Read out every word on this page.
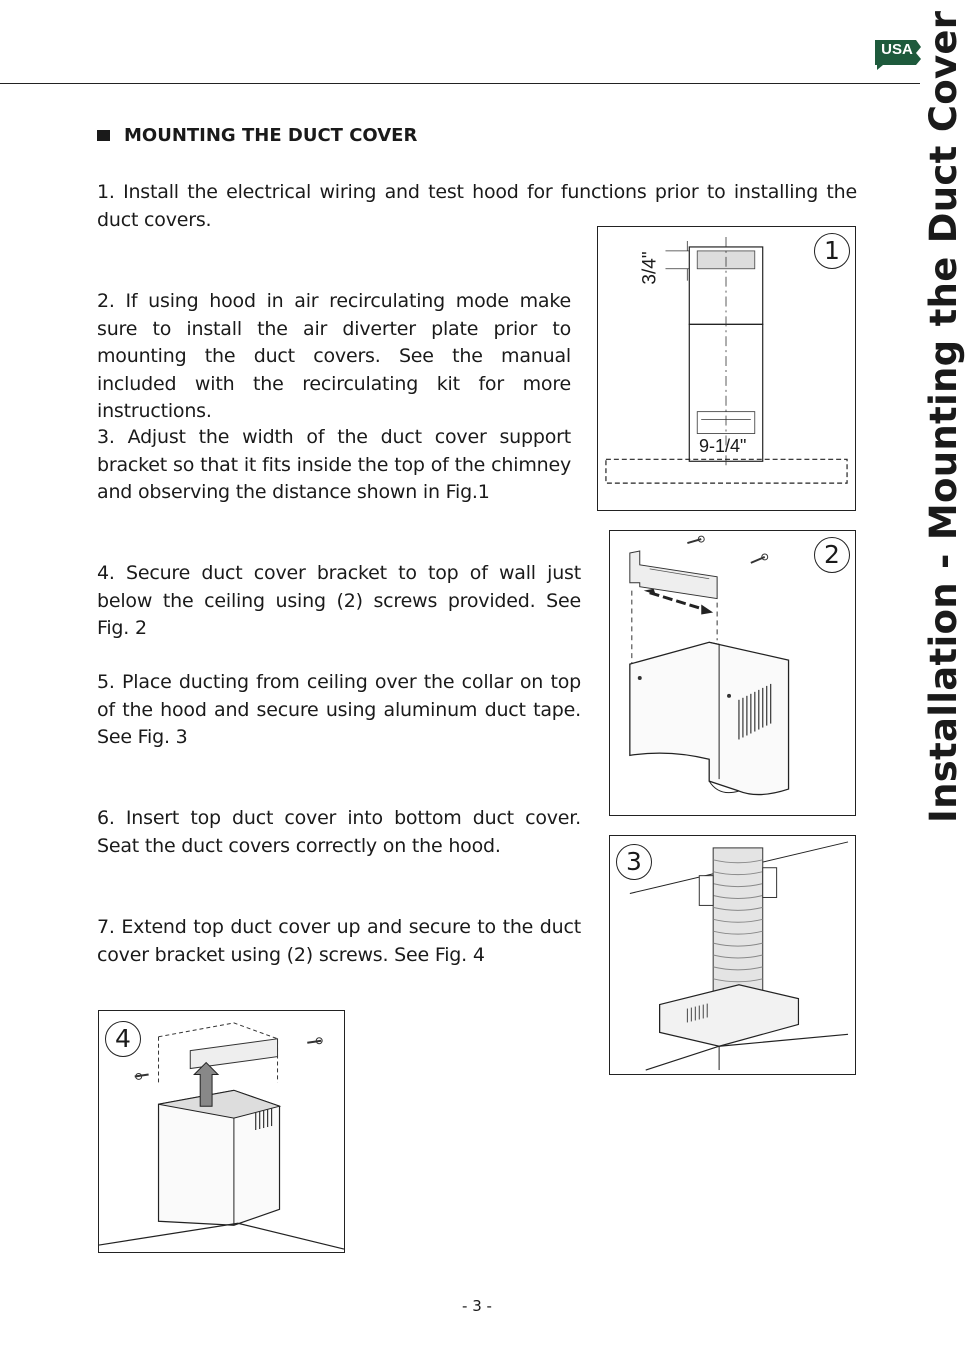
USA Installation - Mounting the Duct Cover
MOUNTING THE DUCT COVER
1. Install the electrical wiring and test hood for functions prior to installing the duct covers.
2. If using hood in air recirculating mode make sure to install the air diverter plate prior to mounting the duct covers. See the manual included with the recirculating kit for more instructions.
3. Adjust the width of the duct cover support bracket so that it fits inside the top of the chimney and observing the distance shown in Fig.1
4. Secure duct cover bracket to top of wall just below the ceiling using (2) screws provided. See Fig. 2
5. Place ducting from ceiling over the collar on top of the hood and secure using aluminum duct tape. See Fig. 3
6. Insert top duct cover into bottom duct cover. Seat the duct covers correctly on the hood.
7. Extend top duct cover up and secure to the duct cover bracket using (2) screws. See Fig. 4
1
3/4"
9-1/4"
2
3
4
- 3 -
